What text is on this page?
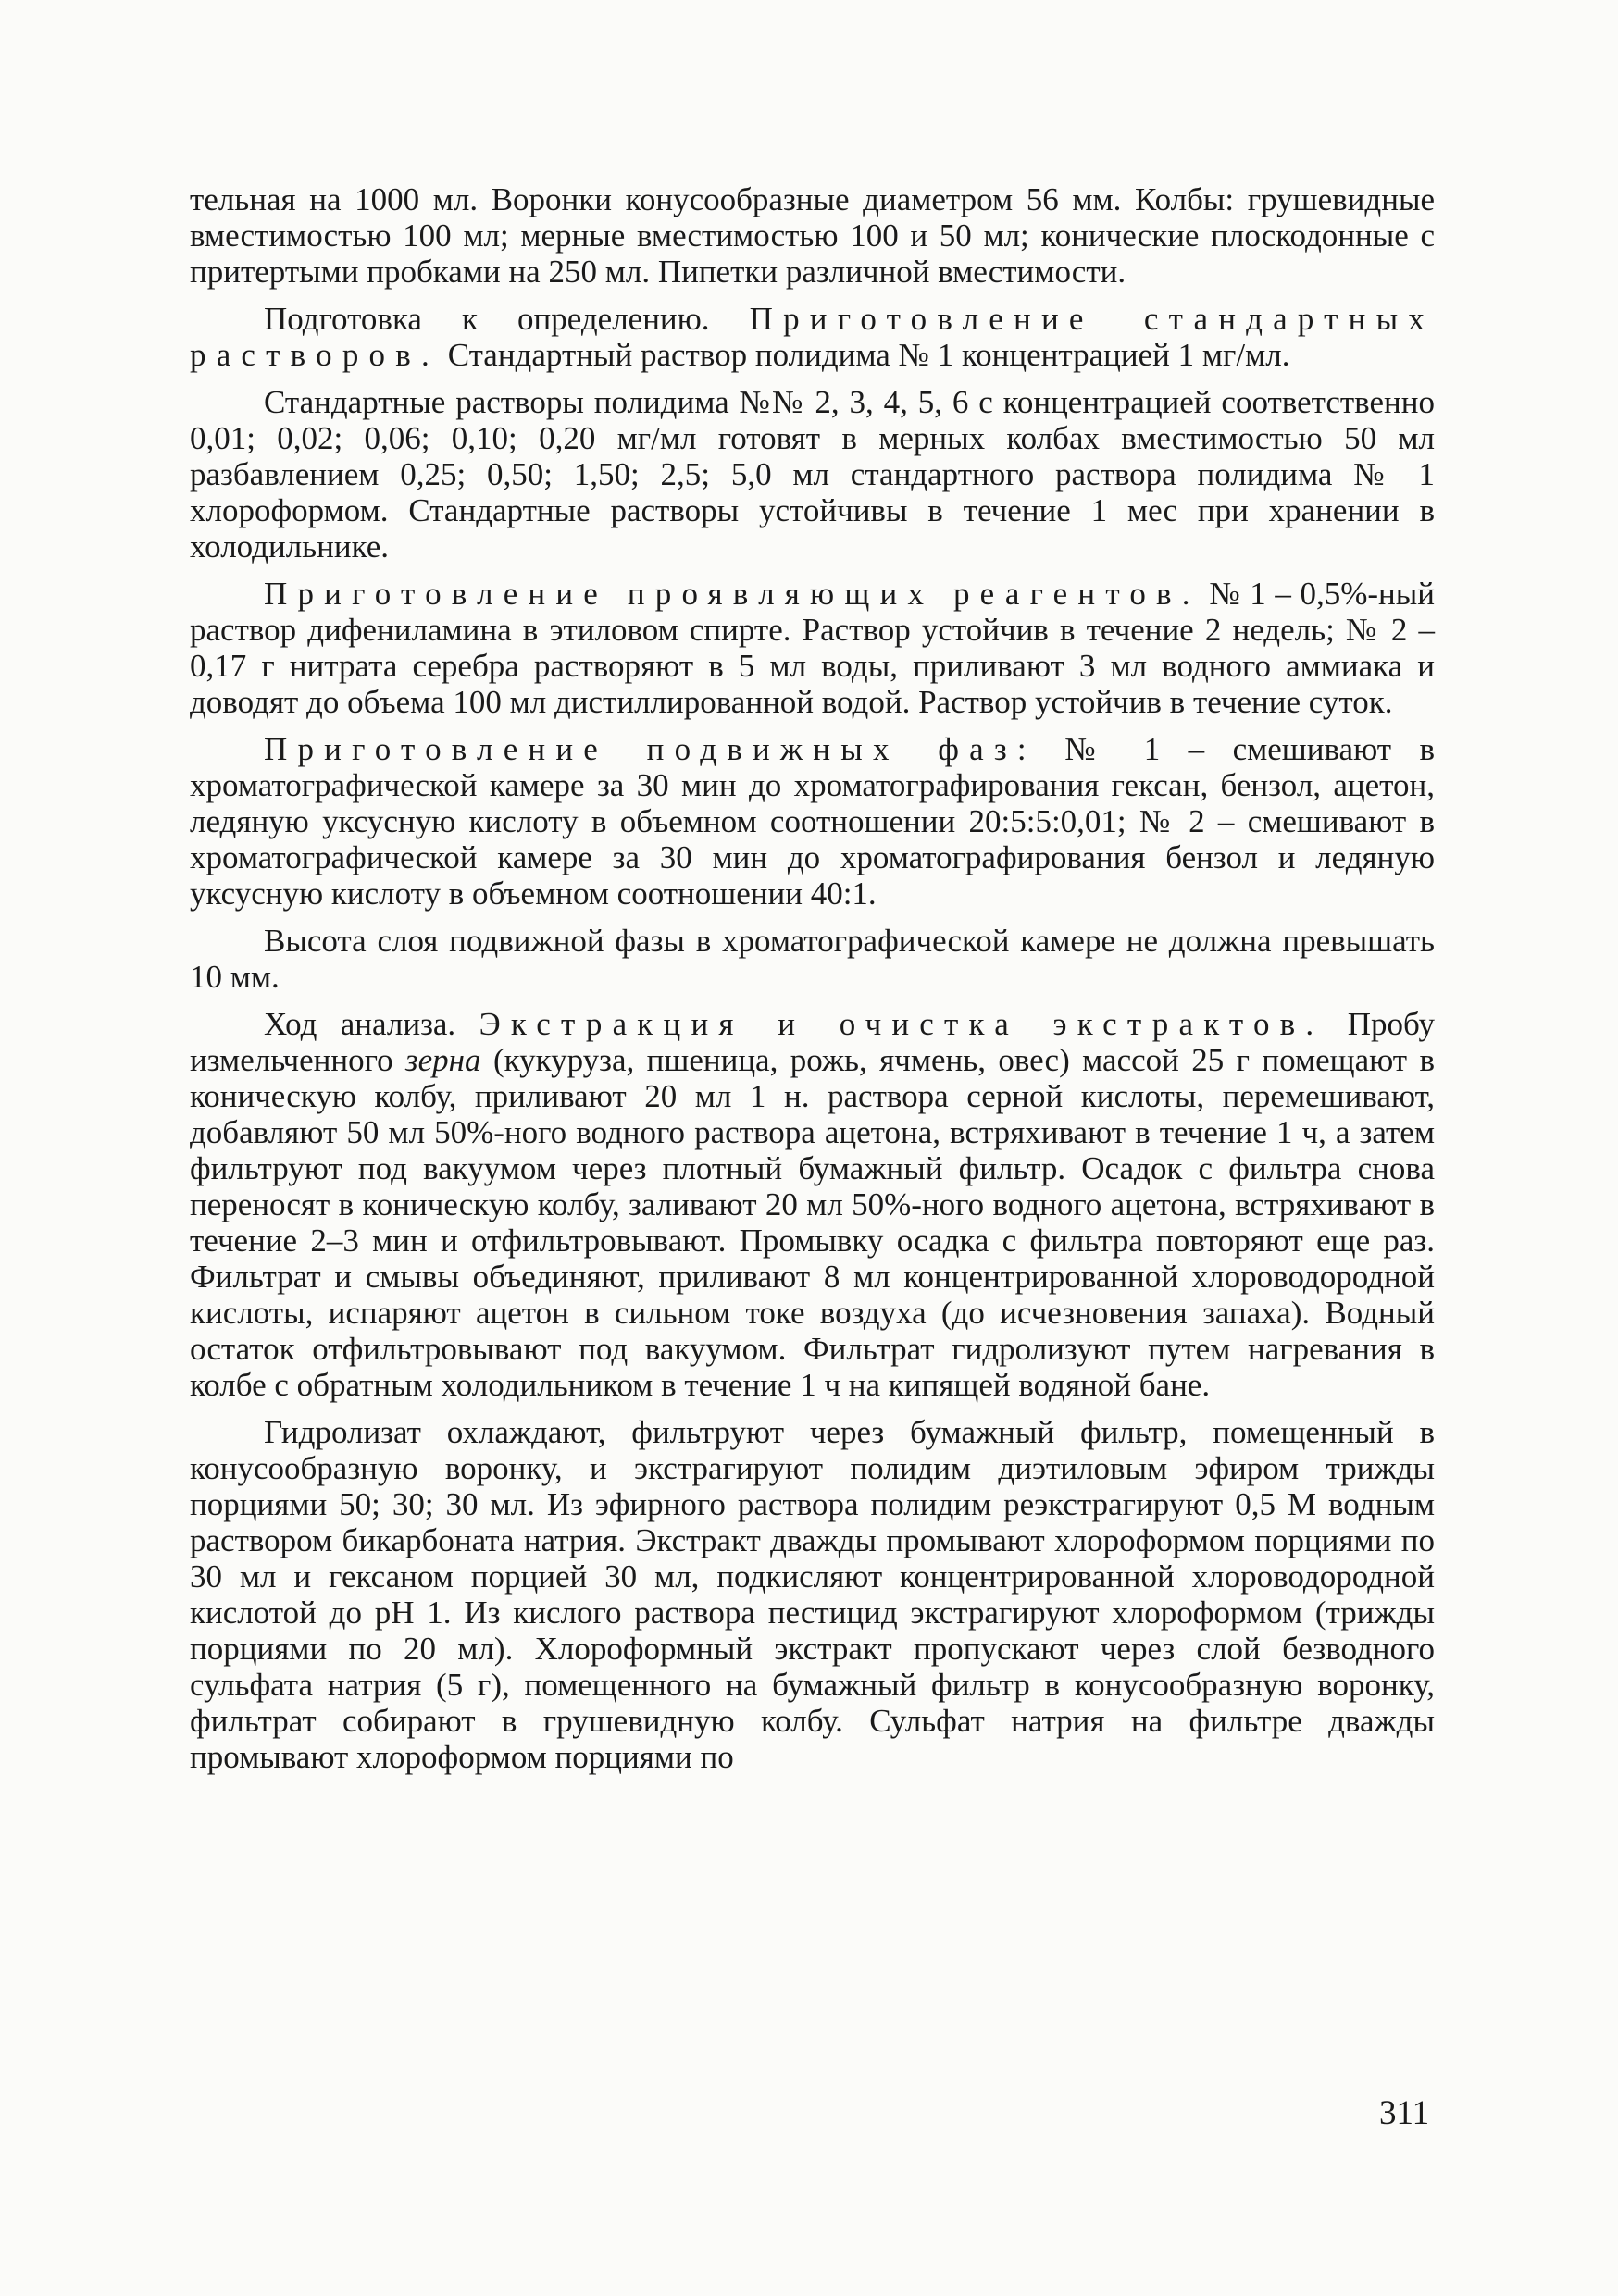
тельная на 1000 мл. Воронки конусообразные диаметром 56 мм. Колбы: грушевидные вместимостью 100 мл; мерные вместимостью 100 и 50 мл; конические плоскодонные с притертыми пробками на 250 мл. Пипетки различной вместимости.

Подготовка к определению. Приготовление стандартных растворов. Стандартный раствор полидима № 1 концентрацией 1 мг/мл.

Стандартные растворы полидима №№ 2, 3, 4, 5, 6 с концентрацией соответственно 0,01; 0,02; 0,06; 0,10; 0,20 мг/мл готовят в мерных колбах вместимостью 50 мл разбавлением 0,25; 0,50; 1,50; 2,5; 5,0 мл стандартного раствора полидима № 1 хлороформом. Стандартные растворы устойчивы в течение 1 мес при хранении в холодильнике.

Приготовление проявляющих реагентов. № 1 – 0,5%-ный раствор дифениламина в этиловом спирте. Раствор устойчив в течение 2 недель; № 2 – 0,17 г нитрата серебра растворяют в 5 мл воды, приливают 3 мл водного аммиака и доводят до объема 100 мл дистиллированной водой. Раствор устойчив в течение суток.

Приготовление подвижных фаз: № 1 – смешивают в хроматографической камере за 30 мин до хроматографирования гексан, бензол, ацетон, ледяную уксусную кислоту в объемном соотношении 20:5:5:0,01; № 2 – смешивают в хроматографической камере за 30 мин до хроматографирования бензол и ледяную уксусную кислоту в объемном соотношении 40:1.

Высота слоя подвижной фазы в хроматографической камере не должна превышать 10 мм.

Ход анализа. Экстракция и очистка экстрактов. Пробу измельченного зерна (кукуруза, пшеница, рожь, ячмень, овес) массой 25 г помещают в коническую колбу, приливают 20 мл 1 н. раствора серной кислоты, перемешивают, добавляют 50 мл 50%-ного водного раствора ацетона, встряхивают в течение 1 ч, а затем фильтруют под вакуумом через плотный бумажный фильтр. Осадок с фильтра снова переносят в коническую колбу, заливают 20 мл 50%-ного водного ацетона, встряхивают в течение 2–3 мин и отфильтровывают. Промывку осадка с фильтра повторяют еще раз. Фильтрат и смывы объединяют, приливают 8 мл концентрированной хлороводородной кислоты, испаряют ацетон в сильном токе воздуха (до исчезновения запаха). Водный остаток отфильтровывают под вакуумом. Фильтрат гидролизуют путем нагревания в колбе с обратным холодильником в течение 1 ч на кипящей водяной бане.

Гидролизат охлаждают, фильтруют через бумажный фильтр, помещенный в конусообразную воронку, и экстрагируют полидим диэтиловым эфиром трижды порциями 50; 30; 30 мл. Из эфирного раствора полидим реэкстрагируют 0,5 М водным раствором бикарбоната натрия. Экстракт дважды промывают хлороформом порциями по 30 мл и гексаном порцией 30 мл, подкисляют концентрированной хлороводородной кислотой до pH 1. Из кислого раствора пестицид экстрагируют хлороформом (трижды порциями по 20 мл). Хлороформный экстракт пропускают через слой безводного сульфата натрия (5 г), помещенного на бумажный фильтр в конусообразную воронку, фильтрат собирают в грушевидную колбу. Сульфат натрия на фильтре дважды промывают хлороформом порциями по

311
